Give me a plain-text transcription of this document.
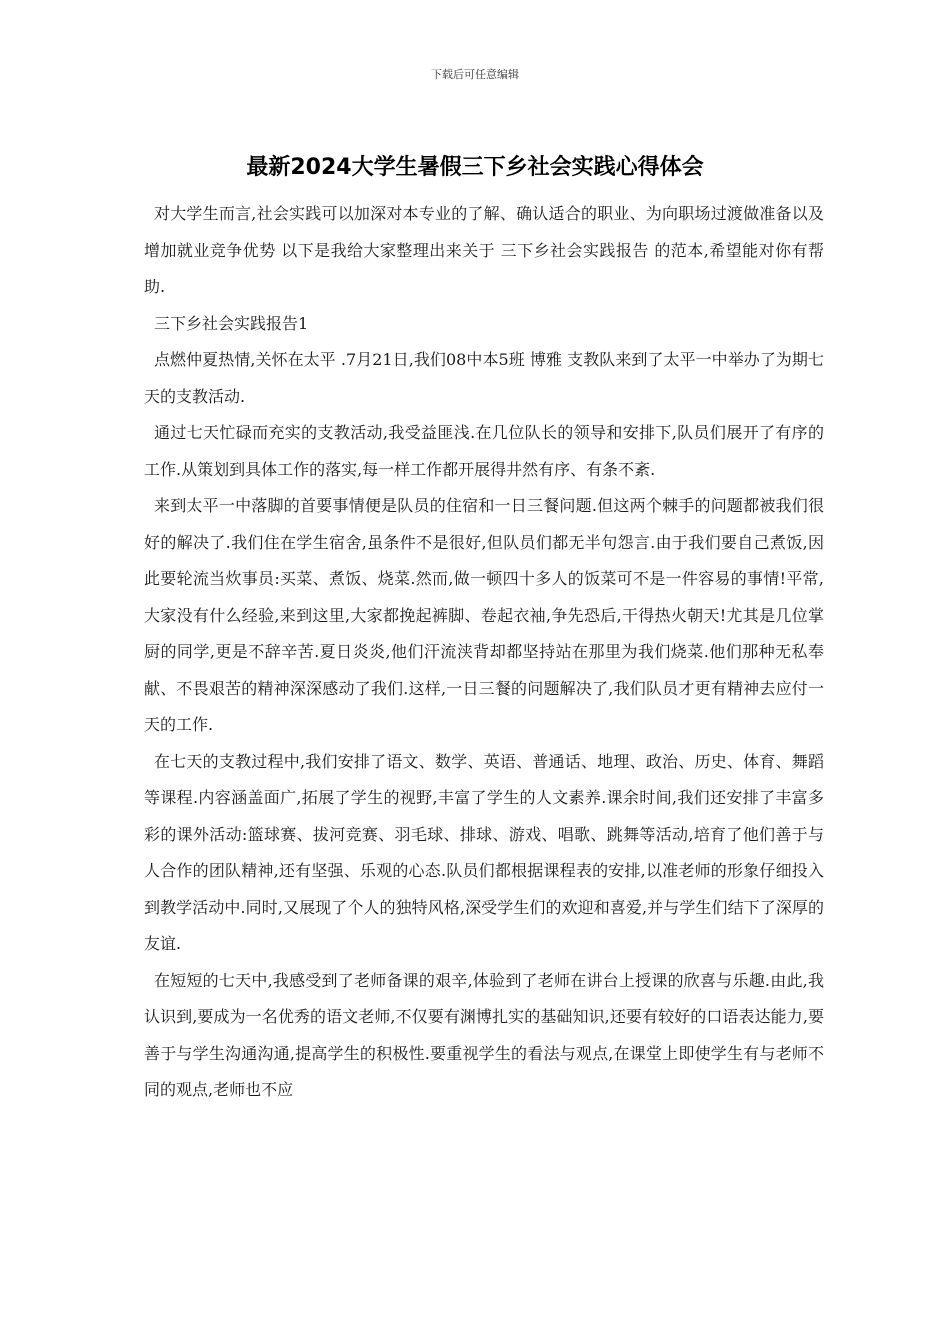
下载后可任意编辑
最新2024大学生暑假三下乡社会实践心得体会

对大学生而言,社会实践可以加深对本专业的了解、确认适合的职业、为向职场过渡做准备以及增加就业竞争优势 以下是我给大家整理出来关于 三下乡社会实践报告 的范本,希望能对你有帮助.

三下乡社会实践报告1

点燃仲夏热情,关怀在太平 .7月21日,我们08中本5班 博雅 支教队来到了太平一中举办了为期七天的支教活动.

通过七天忙碌而充实的支教活动,我受益匪浅.在几位队长的领导和安排下,队员们展开了有序的工作.从策划到具体工作的落实,每一样工作都开展得井然有序、有条不紊.

来到太平一中落脚的首要事情便是队员的住宿和一日三餐问题.但这两个棘手的问题都被我们很好的解决了.我们住在学生宿舍,虽条件不是很好,但队员们都无半句怨言.由于我们要自己煮饭,因此要轮流当炊事员:买菜、煮饭、烧菜.然而,做一顿四十多人的饭菜可不是一件容易的事情!平常,大家没有什么经验,来到这里,大家都挽起裤脚、卷起衣袖,争先恐后,干得热火朝天!尤其是几位掌厨的同学,更是不辞辛苦.夏日炎炎,他们汗流浃背却都坚持站在那里为我们烧菜.他们那种无私奉献、不畏艰苦的精神深深感动了我们.这样,一日三餐的问题解决了,我们队员才更有精神去应付一天的工作.

在七天的支教过程中,我们安排了语文、数学、英语、普通话、地理、政治、历史、体育、舞蹈等课程.内容涵盖面广,拓展了学生的视野,丰富了学生的人文素养.课余时间,我们还安排了丰富多彩的课外活动:篮球赛、拔河竞赛、羽毛球、排球、游戏、唱歌、跳舞等活动,培育了他们善于与人合作的团队精神,还有坚强、乐观的心态.队员们都根据课程表的安排,以准老师的形象仔细投入到教学活动中.同时,又展现了个人的独特风格,深受学生们的欢迎和喜爱,并与学生们结下了深厚的友谊.

在短短的七天中,我感受到了老师备课的艰辛,体验到了老师在讲台上授课的欣喜与乐趣.由此,我认识到,要成为一名优秀的语文老师,不仅要有渊博扎实的基础知识,还要有较好的口语表达能力,要善于与学生沟通沟通,提高学生的积极性.要重视学生的看法与观点,在课堂上即使学生有与老师不同的观点,老师也不应
